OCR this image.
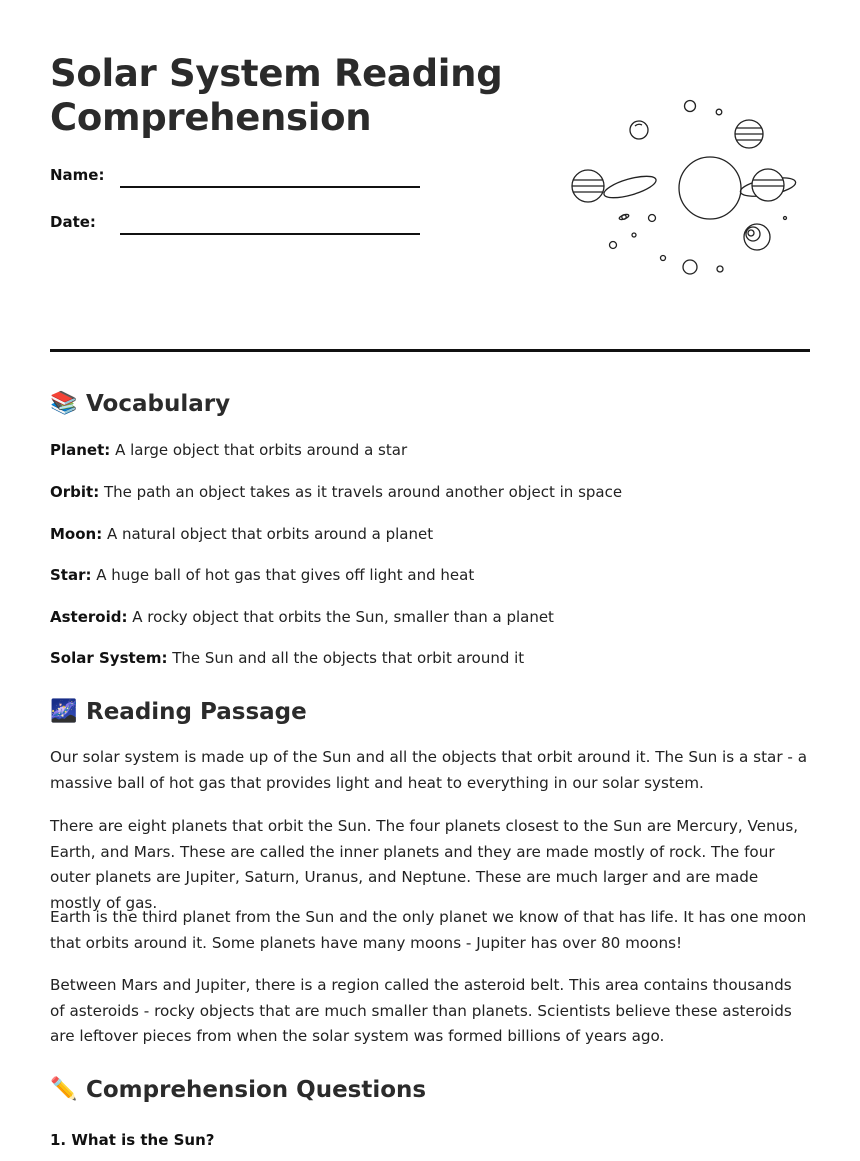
Solar System Reading
Comprehension
Name:
Date:
📚 Vocabulary
Planet: A large object that orbits around a star
Orbit: The path an object takes as it travels around another object in space
Moon: A natural object that orbits around a planet
Star: A huge ball of hot gas that gives off light and heat
Asteroid: A rocky object that orbits the Sun, smaller than a planet
Solar System: The Sun and all the objects that orbit around it
🌌 Reading Passage

Our solar system is made up of the Sun and all the objects that orbit around it. The Sun is a star - a massive ball of hot gas that provides light and heat to everything in our solar system.

There are eight planets that orbit the Sun. The four planets closest to the Sun are Mercury, Venus, Earth, and Mars. These are called the inner planets and they are made mostly of rock. The four outer planets are Jupiter, Saturn, Uranus, and Neptune. These are much larger and are made mostly of gas.

Earth is the third planet from the Sun and the only planet we know of that has life. It has one moon that orbits around it. Some planets have many moons - Jupiter has over 80 moons!

Between Mars and Jupiter, there is a region called the asteroid belt. This area contains thousands of asteroids - rocky objects that are much smaller than planets. Scientists believe these asteroids are leftover pieces from when the solar system was formed billions of years ago.

✏️ Comprehension Questions
1. What is the Sun?
